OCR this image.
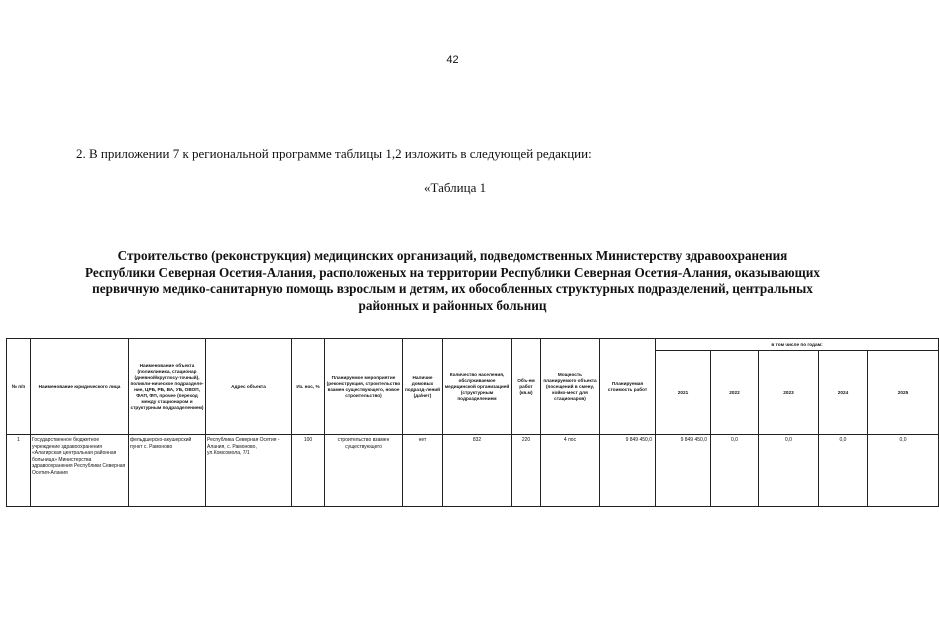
42
2. В приложении 7 к региональной программе таблицы 1,2 изложить в следующей редакции:
«Таблица 1
Строительство (реконструкция) медицинских организаций, подведомственных Министерству здравоохранения
Республики Северная Осетия-Алания, расположеных на территории Республики Северная Осетия-Алания, оказывающих
первичную медико-санитарную помощь взрослым и детям, их обособленных структурных подразделений, центральных
районных и районных больниц
№ п/п	Наименование юридического лица	Наименование объекта (поликлиника, стационар (дневной/круглосу-точный), поликли-ническое подразделе-ние, ЦРБ, РБ, ВА, УБ, ОВОП, ФАП, ФП, прочее (переход между стационаром и структурным подразделением)	Адрес объекта	Из. нос, %	Планируемое мероприятие (реконструкция, строительство взамен существующего, новое строительство)	Наличие домовых подразд-лений (да/нет)	Количество населения, обслуживаемое медицинской организацией (структурным подразделением	Объ-ем работ (кв.м)	Мощность планируемого объекта (посещений в смену, койко-мест для стационаров)	Планируемая стоимость работ	в том числе по годам:				
											2021	2022	2023	2024	2025
1	Государственное бюджетное учреждение здравоохранения «Алагирская центральная районная больница» Министерства здравоохранения Республики Северная Осетия-Алания	фельдшерско-акушерский пункт с. Рамоново	Республика Северная Осетия - Алания, с. Рамоново, ул.Комсомола, 7/1	100	строительство взамен существующего	нет	832	220	4 пос	9 849 450,0	9 849 450,0	0,0	0,0	0,0	0,0
